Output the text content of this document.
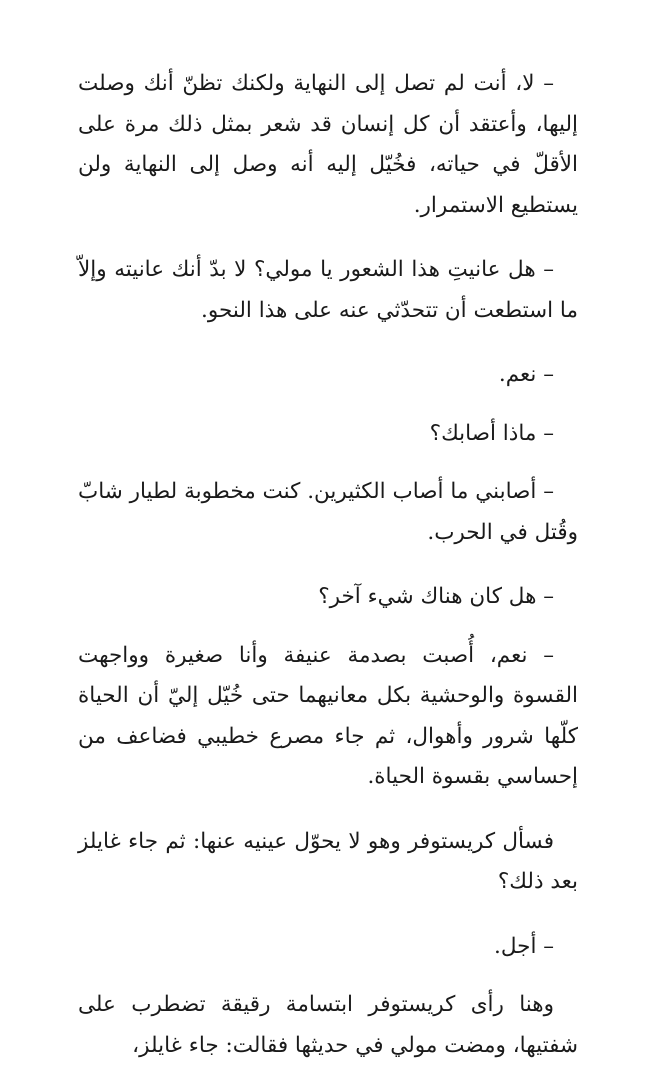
– لا، أنت لم تصل إلى النهاية ولكنك تظنّ أنك وصلت إليها، وأعتقد أن كل إنسان قد شعر بمثل ذلك مرة على الأقلّ في حياته، فخُيّل إليه أنه وصل إلى النهاية ولن يستطيع الاستمرار.

– هل عانيتِ هذا الشعور يا مولي؟ لا بدّ أنك عانيته وإلاّ ما استطعت أن تتحدّثي عنه على هذا النحو.

– نعم.

– ماذا أصابك؟

– أصابني ما أصاب الكثيرين. كنت مخطوبة لطيار شابّ وقُتل في الحرب.

– هل كان هناك شيء آخر؟

– نعم، أُصبت بصدمة عنيفة وأنا صغيرة وواجهت القسوة والوحشية بكل معانيهما حتى خُيّل إليّ أن الحياة كلّها شرور وأهوال، ثم جاء مصرع خطيبي فضاعف من إحساسي بقسوة الحياة.

فسأل كريستوفر وهو لا يحوّل عينيه عنها: ثم جاء غايلز بعد ذلك؟

– أجل.

وهنا رأى كريستوفر ابتسامة رقيقة تضطرب على شفتيها، ومضت مولي في حديثها فقالت: جاء غايلز،
